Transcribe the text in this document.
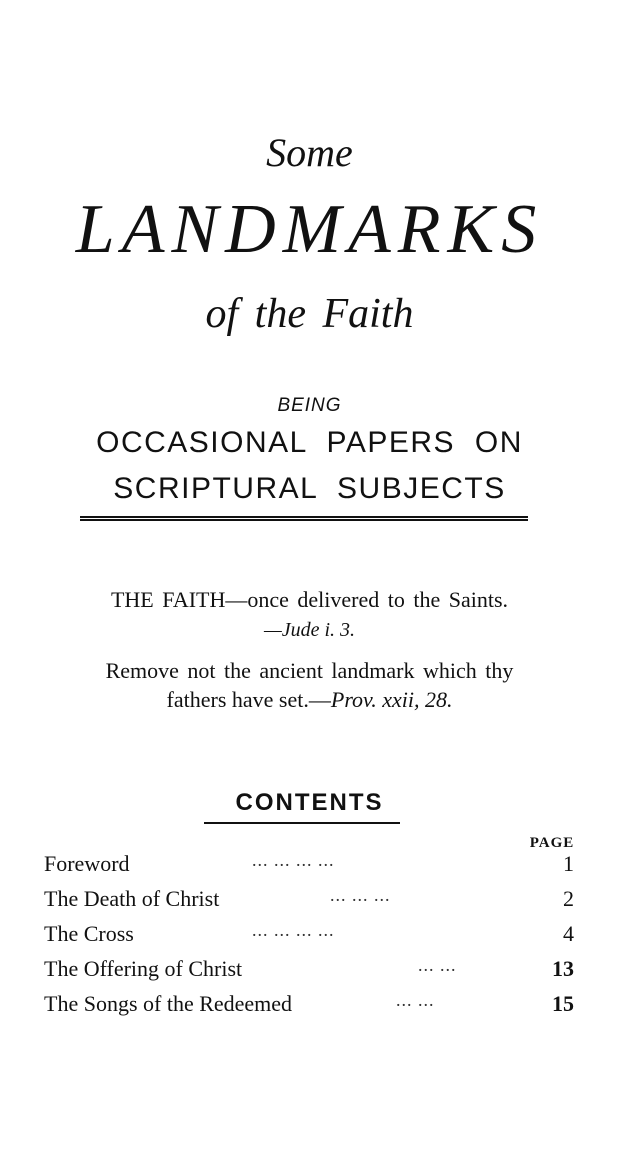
Some
LANDMARKS
of the Faith
BEING
OCCASIONAL PAPERS ON
SCRIPTURAL SUBJECTS
THE FAITH—once delivered to the Saints.
—Jude i. 3.
Remove not the ancient landmark which thy
fathers have set.—Prov. xxii, 28.
CONTENTS
PAGE
Foreword	... ... ... ...	1
The Death of Christ	... ... ...	2
The Cross	... ... ... ...	4
The Offering of Christ	... ...	13
The Songs of the Redeemed	... ...	15
